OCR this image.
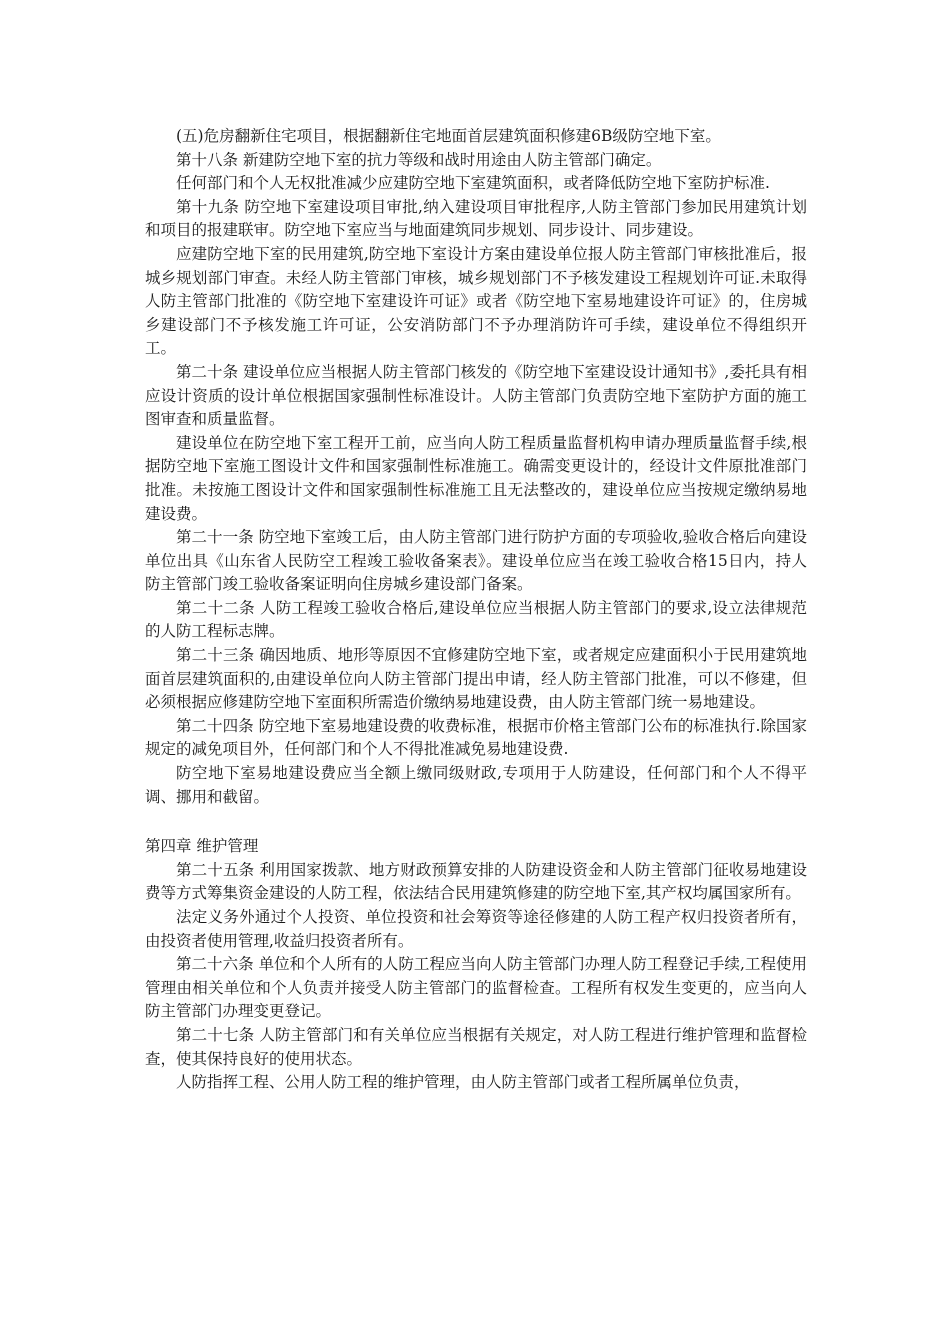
(五)危房翻新住宅项目，根据翻新住宅地面首层建筑面积修建6B级防空地下室。

第十八条 新建防空地下室的抗力等级和战时用途由人防主管部门确定。

任何部门和个人无权批准减少应建防空地下室建筑面积，或者降低防空地下室防护标准.

第十九条 防空地下室建设项目审批,纳入建设项目审批程序,人防主管部门参加民用建筑计划和项目的报建联审。防空地下室应当与地面建筑同步规划、同步设计、同步建设。

应建防空地下室的民用建筑,防空地下室设计方案由建设单位报人防主管部门审核批准后，报城乡规划部门审查。未经人防主管部门审核，城乡规划部门不予核发建设工程规划许可证.未取得人防主管部门批准的《防空地下室建设许可证》或者《防空地下室易地建设许可证》的，住房城乡建设部门不予核发施工许可证，公安消防部门不予办理消防许可手续，建设单位不得组织开工。

第二十条 建设单位应当根据人防主管部门核发的《防空地下室建设设计通知书》,委托具有相应设计资质的设计单位根据国家强制性标准设计。人防主管部门负责防空地下室防护方面的施工图审查和质量监督。

建设单位在防空地下室工程开工前，应当向人防工程质量监督机构申请办理质量监督手续,根据防空地下室施工图设计文件和国家强制性标准施工。确需变更设计的，经设计文件原批准部门批准。未按施工图设计文件和国家强制性标准施工且无法整改的，建设单位应当按规定缴纳易地建设费。

第二十一条 防空地下室竣工后，由人防主管部门进行防护方面的专项验收,验收合格后向建设单位出具《山东省人民防空工程竣工验收备案表》。建设单位应当在竣工验收合格15日内，持人防主管部门竣工验收备案证明向住房城乡建设部门备案。

第二十二条 人防工程竣工验收合格后,建设单位应当根据人防主管部门的要求,设立法律规范的人防工程标志牌。

第二十三条 确因地质、地形等原因不宜修建防空地下室，或者规定应建面积小于民用建筑地面首层建筑面积的,由建设单位向人防主管部门提出申请，经人防主管部门批准，可以不修建，但必须根据应修建防空地下室面积所需造价缴纳易地建设费，由人防主管部门统一易地建设。

第二十四条 防空地下室易地建设费的收费标准，根据市价格主管部门公布的标准执行.除国家规定的减免项目外，任何部门和个人不得批准减免易地建设费.

防空地下室易地建设费应当全额上缴同级财政,专项用于人防建设，任何部门和个人不得平调、挪用和截留。

第四章 维护管理

第二十五条 利用国家拨款、地方财政预算安排的人防建设资金和人防主管部门征收易地建设费等方式筹集资金建设的人防工程，依法结合民用建筑修建的防空地下室,其产权均属国家所有。

法定义务外通过个人投资、单位投资和社会筹资等途径修建的人防工程产权归投资者所有，由投资者使用管理,收益归投资者所有。

第二十六条 单位和个人所有的人防工程应当向人防主管部门办理人防工程登记手续,工程使用管理由相关单位和个人负责并接受人防主管部门的监督检查。工程所有权发生变更的，应当向人防主管部门办理变更登记。

第二十七条 人防主管部门和有关单位应当根据有关规定，对人防工程进行维护管理和监督检查，使其保持良好的使用状态。

人防指挥工程、公用人防工程的维护管理，由人防主管部门或者工程所属单位负责，
